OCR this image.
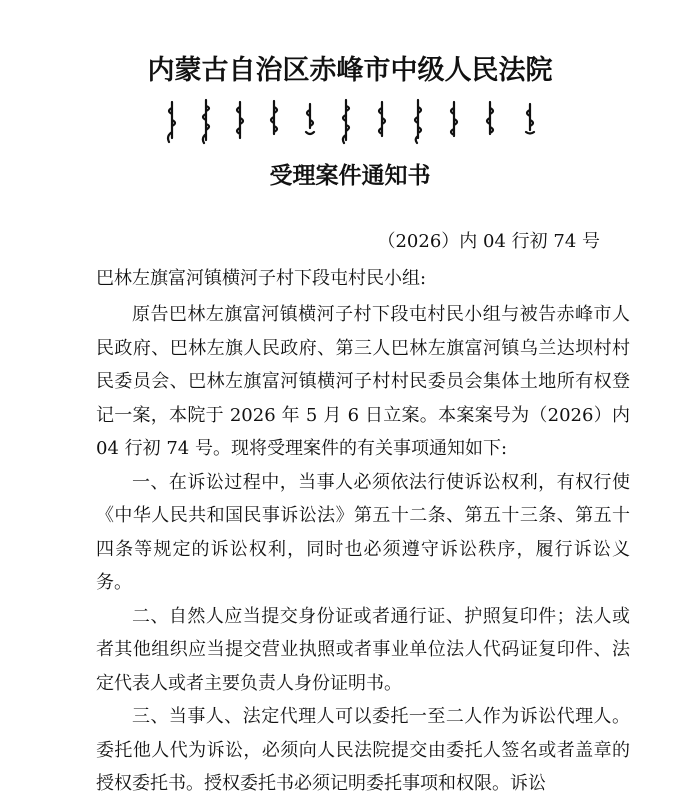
内蒙古自治区赤峰市中级人民法院
受理案件通知书
（2026）内 04 行初 74 号
巴林左旗富河镇横河子村下段屯村民小组:

原告巴林左旗富河镇横河子村下段屯村民小组与被告赤峰市人民政府、巴林左旗人民政府、第三人巴林左旗富河镇乌兰达坝村村民委员会、巴林左旗富河镇横河子村村民委员会集体土地所有权登记一案，本院于 2026 年 5 月 6 日立案。本案案号为（2026）内 04 行初 74 号。现将受理案件的有关事项通知如下:

一、在诉讼过程中，当事人必须依法行使诉讼权利，有权行使《中华人民共和国民事诉讼法》第五十二条、第五十三条、第五十四条等规定的诉讼权利，同时也必须遵守诉讼秩序，履行诉讼义务。

二、自然人应当提交身份证或者通行证、护照复印件；法人或者其他组织应当提交营业执照或者事业单位法人代码证复印件、法定代表人或者主要负责人身份证明书。

三、当事人、法定代理人可以委托一至二人作为诉讼代理人。委托他人代为诉讼，必须向人民法院提交由委托人签名或者盖章的授权委托书。授权委托书必须记明委托事项和权限。诉讼
